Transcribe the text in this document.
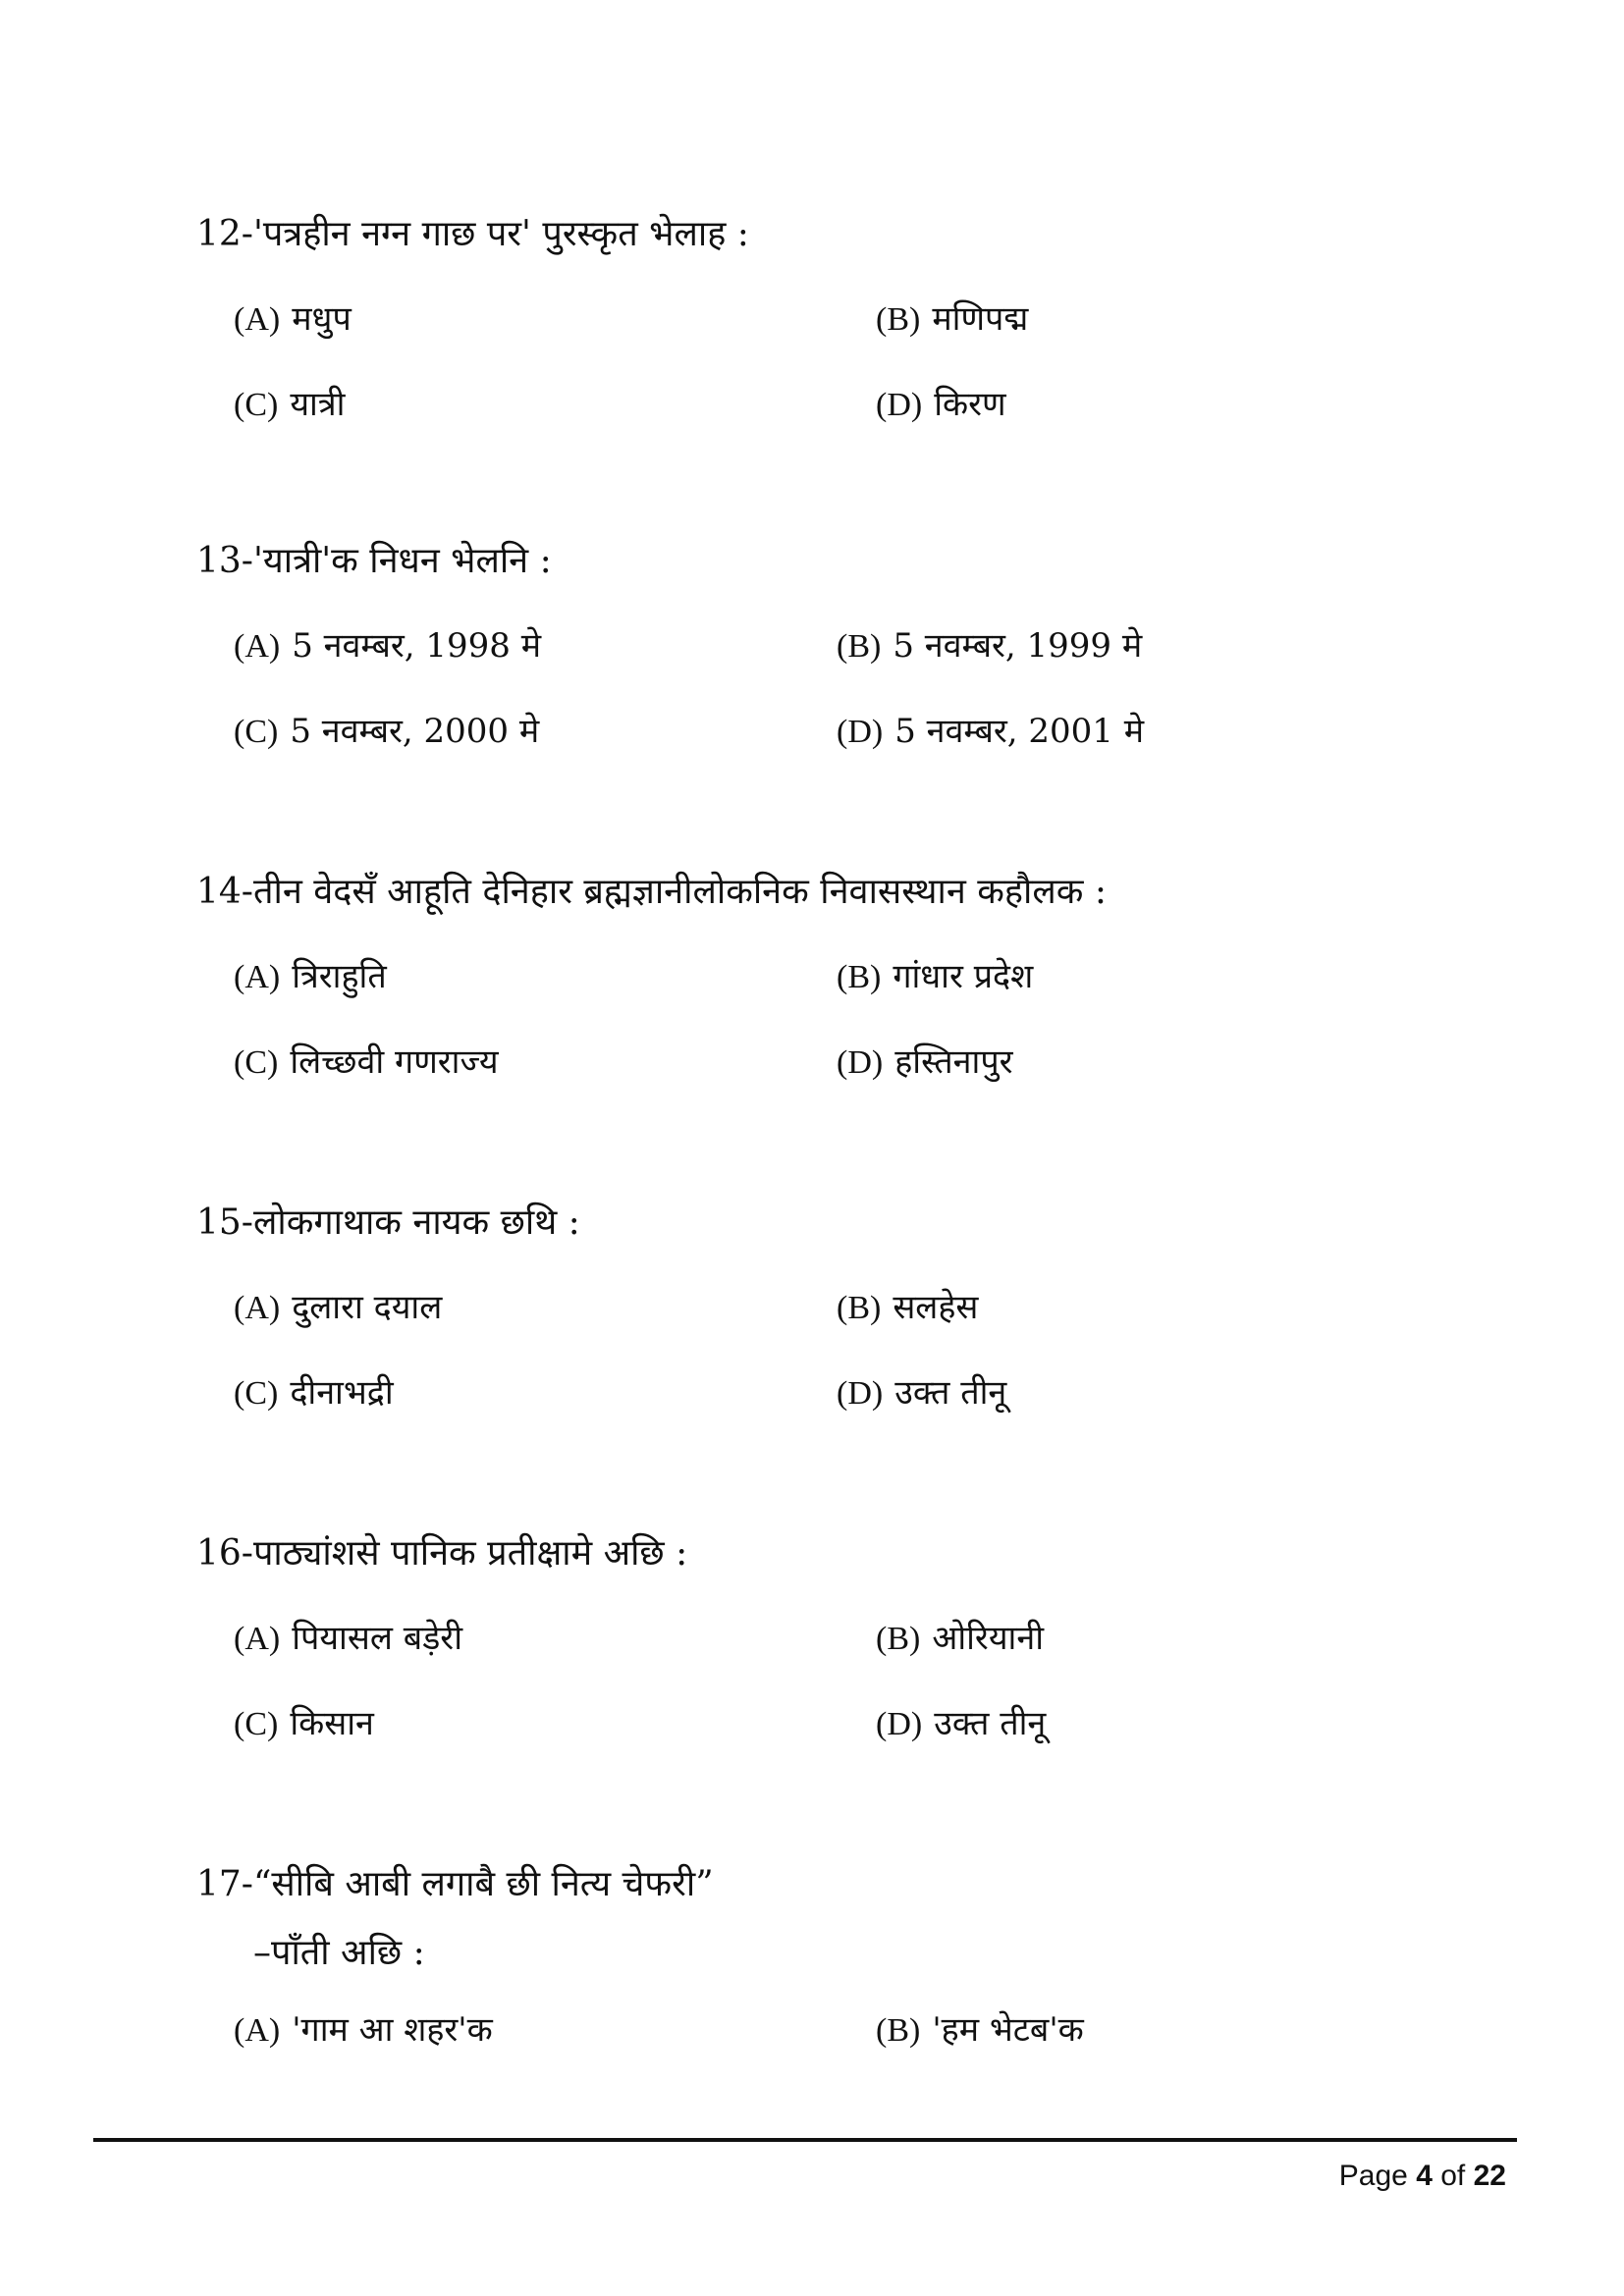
12-'पत्रहीन नग्न गाछ पर' पुरस्कृत भेलाह :
(A) मधुप	(B) मणिपद्म
(C) यात्री	(D) किरण
13-'यात्री'क निधन भेलनि :
(A) 5 नवम्बर, 1998 मे	(B) 5 नवम्बर, 1999 मे
(C) 5 नवम्बर, 2000 मे	(D) 5 नवम्बर, 2001 मे
14-तीन वेदसँ आहूति देनिहार ब्रह्मज्ञानीलोकनिक निवासस्थान कहौलक :
(A) त्रिराहुति	(B) गांधार प्रदेश
(C) लिच्छवी गणराज्य	(D) हस्तिनापुर
15-लोकगाथाक नायक छथि :
(A) दुलारा दयाल	(B) सलहेस
(C) दीनाभद्री	(D) उक्त तीनू
16-पाठ्यांशसे पानिक प्रतीक्षामे अछि :
(A) पियासल बड़ेरी	(B) ओरियानी
(C) किसान	(D) उक्त तीनू
17-“सीबि आबी लगाबै छी नित्य चेफरी”
–पाँती अछि :
(A) 'गाम आ शहर'क	(B) 'हम भेटब'क
Page 4 of 22
